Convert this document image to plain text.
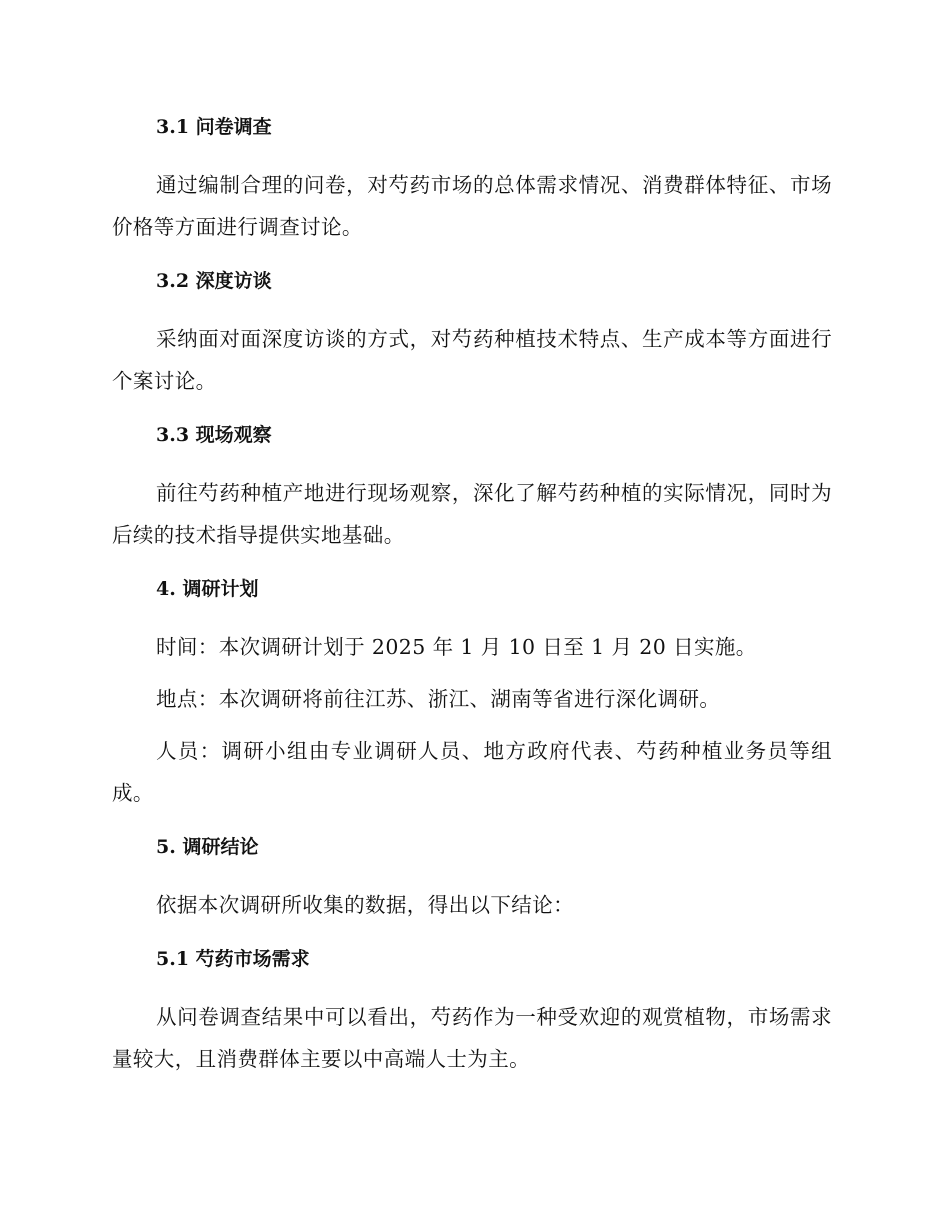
3.1 问卷调查

通过编制合理的问卷，对芍药市场的总体需求情况、消费群体特征、市场价格等方面进行调查讨论。

3.2 深度访谈

采纳面对面深度访谈的方式，对芍药种植技术特点、生产成本等方面进行个案讨论。

3.3 现场观察

前往芍药种植产地进行现场观察，深化了解芍药种植的实际情况，同时为后续的技术指导提供实地基础。

4. 调研计划

时间：本次调研计划于 2025 年 1 月 10 日至 1 月 20 日实施。

地点：本次调研将前往江苏、浙江、湖南等省进行深化调研。

人员：调研小组由专业调研人员、地方政府代表、芍药种植业务员等组成。

5. 调研结论

依据本次调研所收集的数据，得出以下结论：

5.1 芍药市场需求

从问卷调查结果中可以看出，芍药作为一种受欢迎的观赏植物，市场需求量较大，且消费群体主要以中高端人士为主。
